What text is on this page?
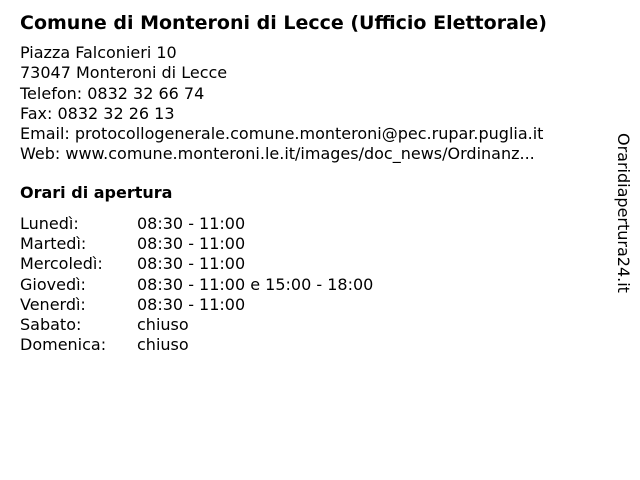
Comune di Monteroni di Lecce (Ufficio Elettorale)
Piazza Falconieri 10
73047 Monteroni di Lecce
Telefon: 0832 32 66 74
Fax: 0832 32 26 13
Email: protocollogenerale.comune.monteroni@pec.rupar.puglia.it
Web: www.comune.monteroni.le.it/images/doc_news/Ordinanz...
Orari di apertura
Lunedì:	08:30 - 11:00
Martedì:	08:30 - 11:00
Mercoledì:	08:30 - 11:00
Giovedì:	08:30 - 11:00 e 15:00 - 18:00
Venerdì:	08:30 - 11:00
Sabato:	chiuso
Domenica:	chiuso
Oraridiapertura24.it
